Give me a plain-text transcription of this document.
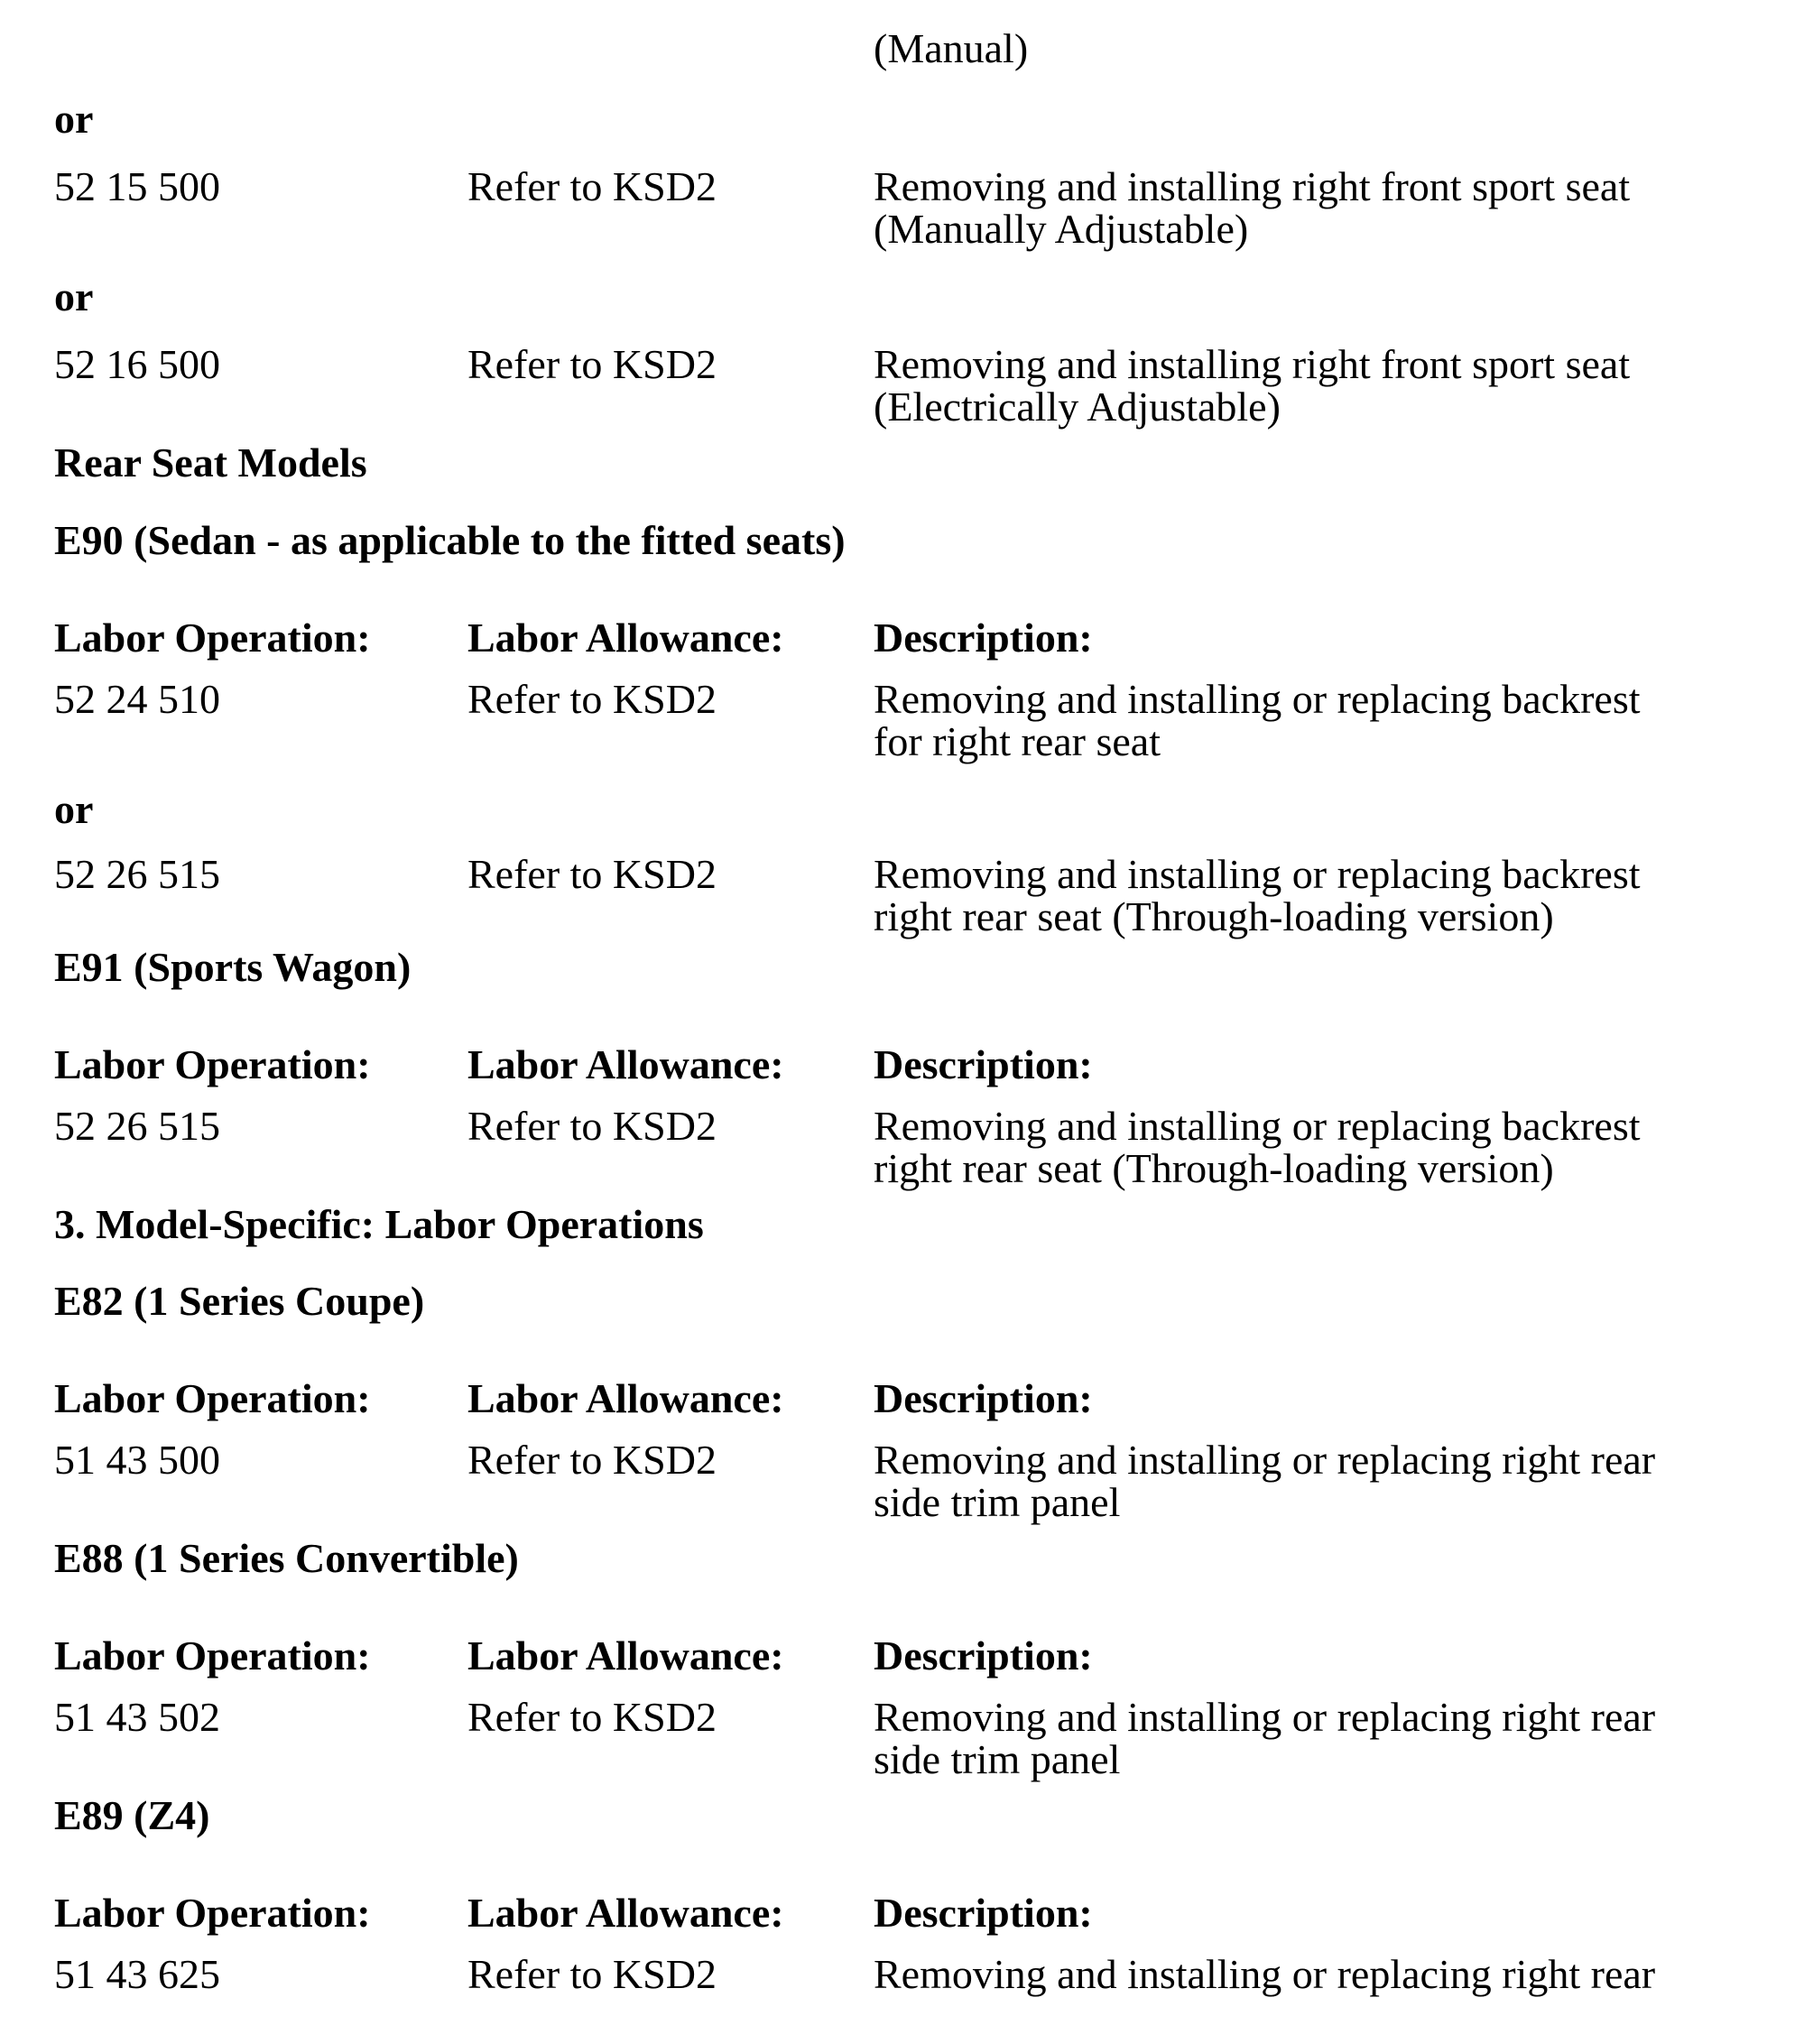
(Manual)
or
52 15 500	Refer to KSD2	Removing and installing right front sport seat (Manually Adjustable)
or
52 16 500	Refer to KSD2	Removing and installing right front sport seat (Electrically Adjustable)
Rear Seat Models
E90 (Sedan - as applicable to the fitted seats)
Labor Operation:	Labor Allowance:	Description:
52 24 510	Refer to KSD2	Removing and installing or replacing backrest for right rear seat
or
52 26 515	Refer to KSD2	Removing and installing or replacing backrest right rear seat (Through-loading version)
E91 (Sports Wagon)
Labor Operation:	Labor Allowance:	Description:
52 26 515	Refer to KSD2	Removing and installing or replacing backrest right rear seat (Through-loading version)
3. Model-Specific: Labor Operations
E82 (1 Series Coupe)
Labor Operation:	Labor Allowance:	Description:
51 43 500	Refer to KSD2	Removing and installing or replacing right rear side trim panel
E88 (1 Series Convertible)
Labor Operation:	Labor Allowance:	Description:
51 43 502	Refer to KSD2	Removing and installing or replacing right rear side trim panel
E89 (Z4)
Labor Operation:	Labor Allowance:	Description:
51 43 625	Refer to KSD2	Removing and installing or replacing right rear
